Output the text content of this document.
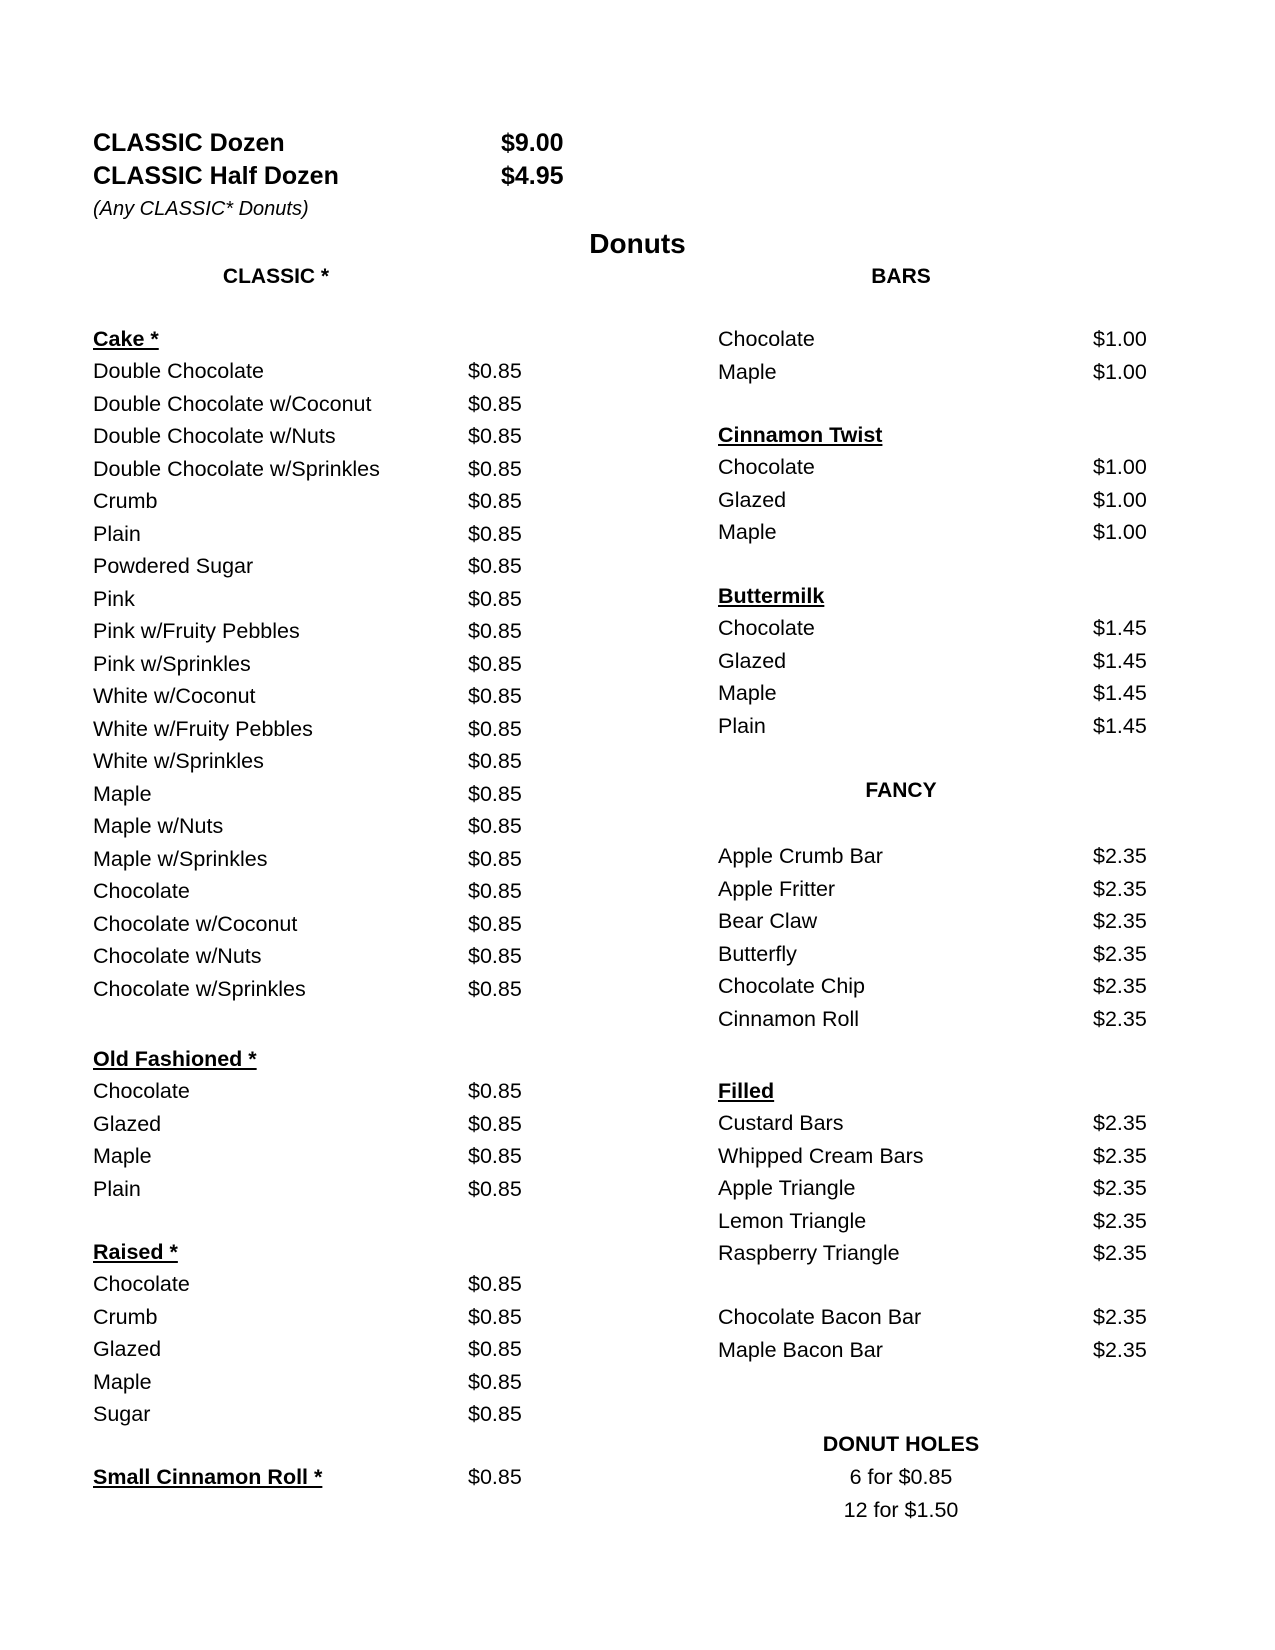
CLASSIC Dozen	$9.00
CLASSIC Half Dozen	$4.95
(Any CLASSIC* Donuts)
Donuts
CLASSIC *	BARS
Cake *
Double Chocolate	$0.85
Double Chocolate w/Coconut	$0.85
Double Chocolate w/Nuts	$0.85
Double Chocolate w/Sprinkles	$0.85
Crumb	$0.85
Plain	$0.85
Powdered Sugar	$0.85
Pink	$0.85
Pink w/Fruity Pebbles	$0.85
Pink w/Sprinkles	$0.85
White w/Coconut	$0.85
White w/Fruity Pebbles	$0.85
White w/Sprinkles	$0.85
Maple	$0.85
Maple w/Nuts	$0.85
Maple w/Sprinkles	$0.85
Chocolate	$0.85
Chocolate w/Coconut	$0.85
Chocolate w/Nuts	$0.85
Chocolate w/Sprinkles	$0.85
Old Fashioned *
Chocolate	$0.85
Glazed	$0.85
Maple	$0.85
Plain	$0.85
Raised *
Chocolate	$0.85
Crumb	$0.85
Glazed	$0.85
Maple	$0.85
Sugar	$0.85
Small Cinnamon Roll *	$0.85
Chocolate	$1.00
Maple	$1.00
Cinnamon Twist
Chocolate	$1.00
Glazed	$1.00
Maple	$1.00
Buttermilk
Chocolate	$1.45
Glazed	$1.45
Maple	$1.45
Plain	$1.45
FANCY
Apple Crumb Bar	$2.35
Apple Fritter	$2.35
Bear Claw	$2.35
Butterfly	$2.35
Chocolate Chip	$2.35
Cinnamon Roll	$2.35
Filled
Custard Bars	$2.35
Whipped Cream Bars	$2.35
Apple Triangle	$2.35
Lemon Triangle	$2.35
Raspberry Triangle	$2.35
Chocolate Bacon Bar	$2.35
Maple Bacon Bar	$2.35
DONUT HOLES
6 for $0.85
12 for $1.50
